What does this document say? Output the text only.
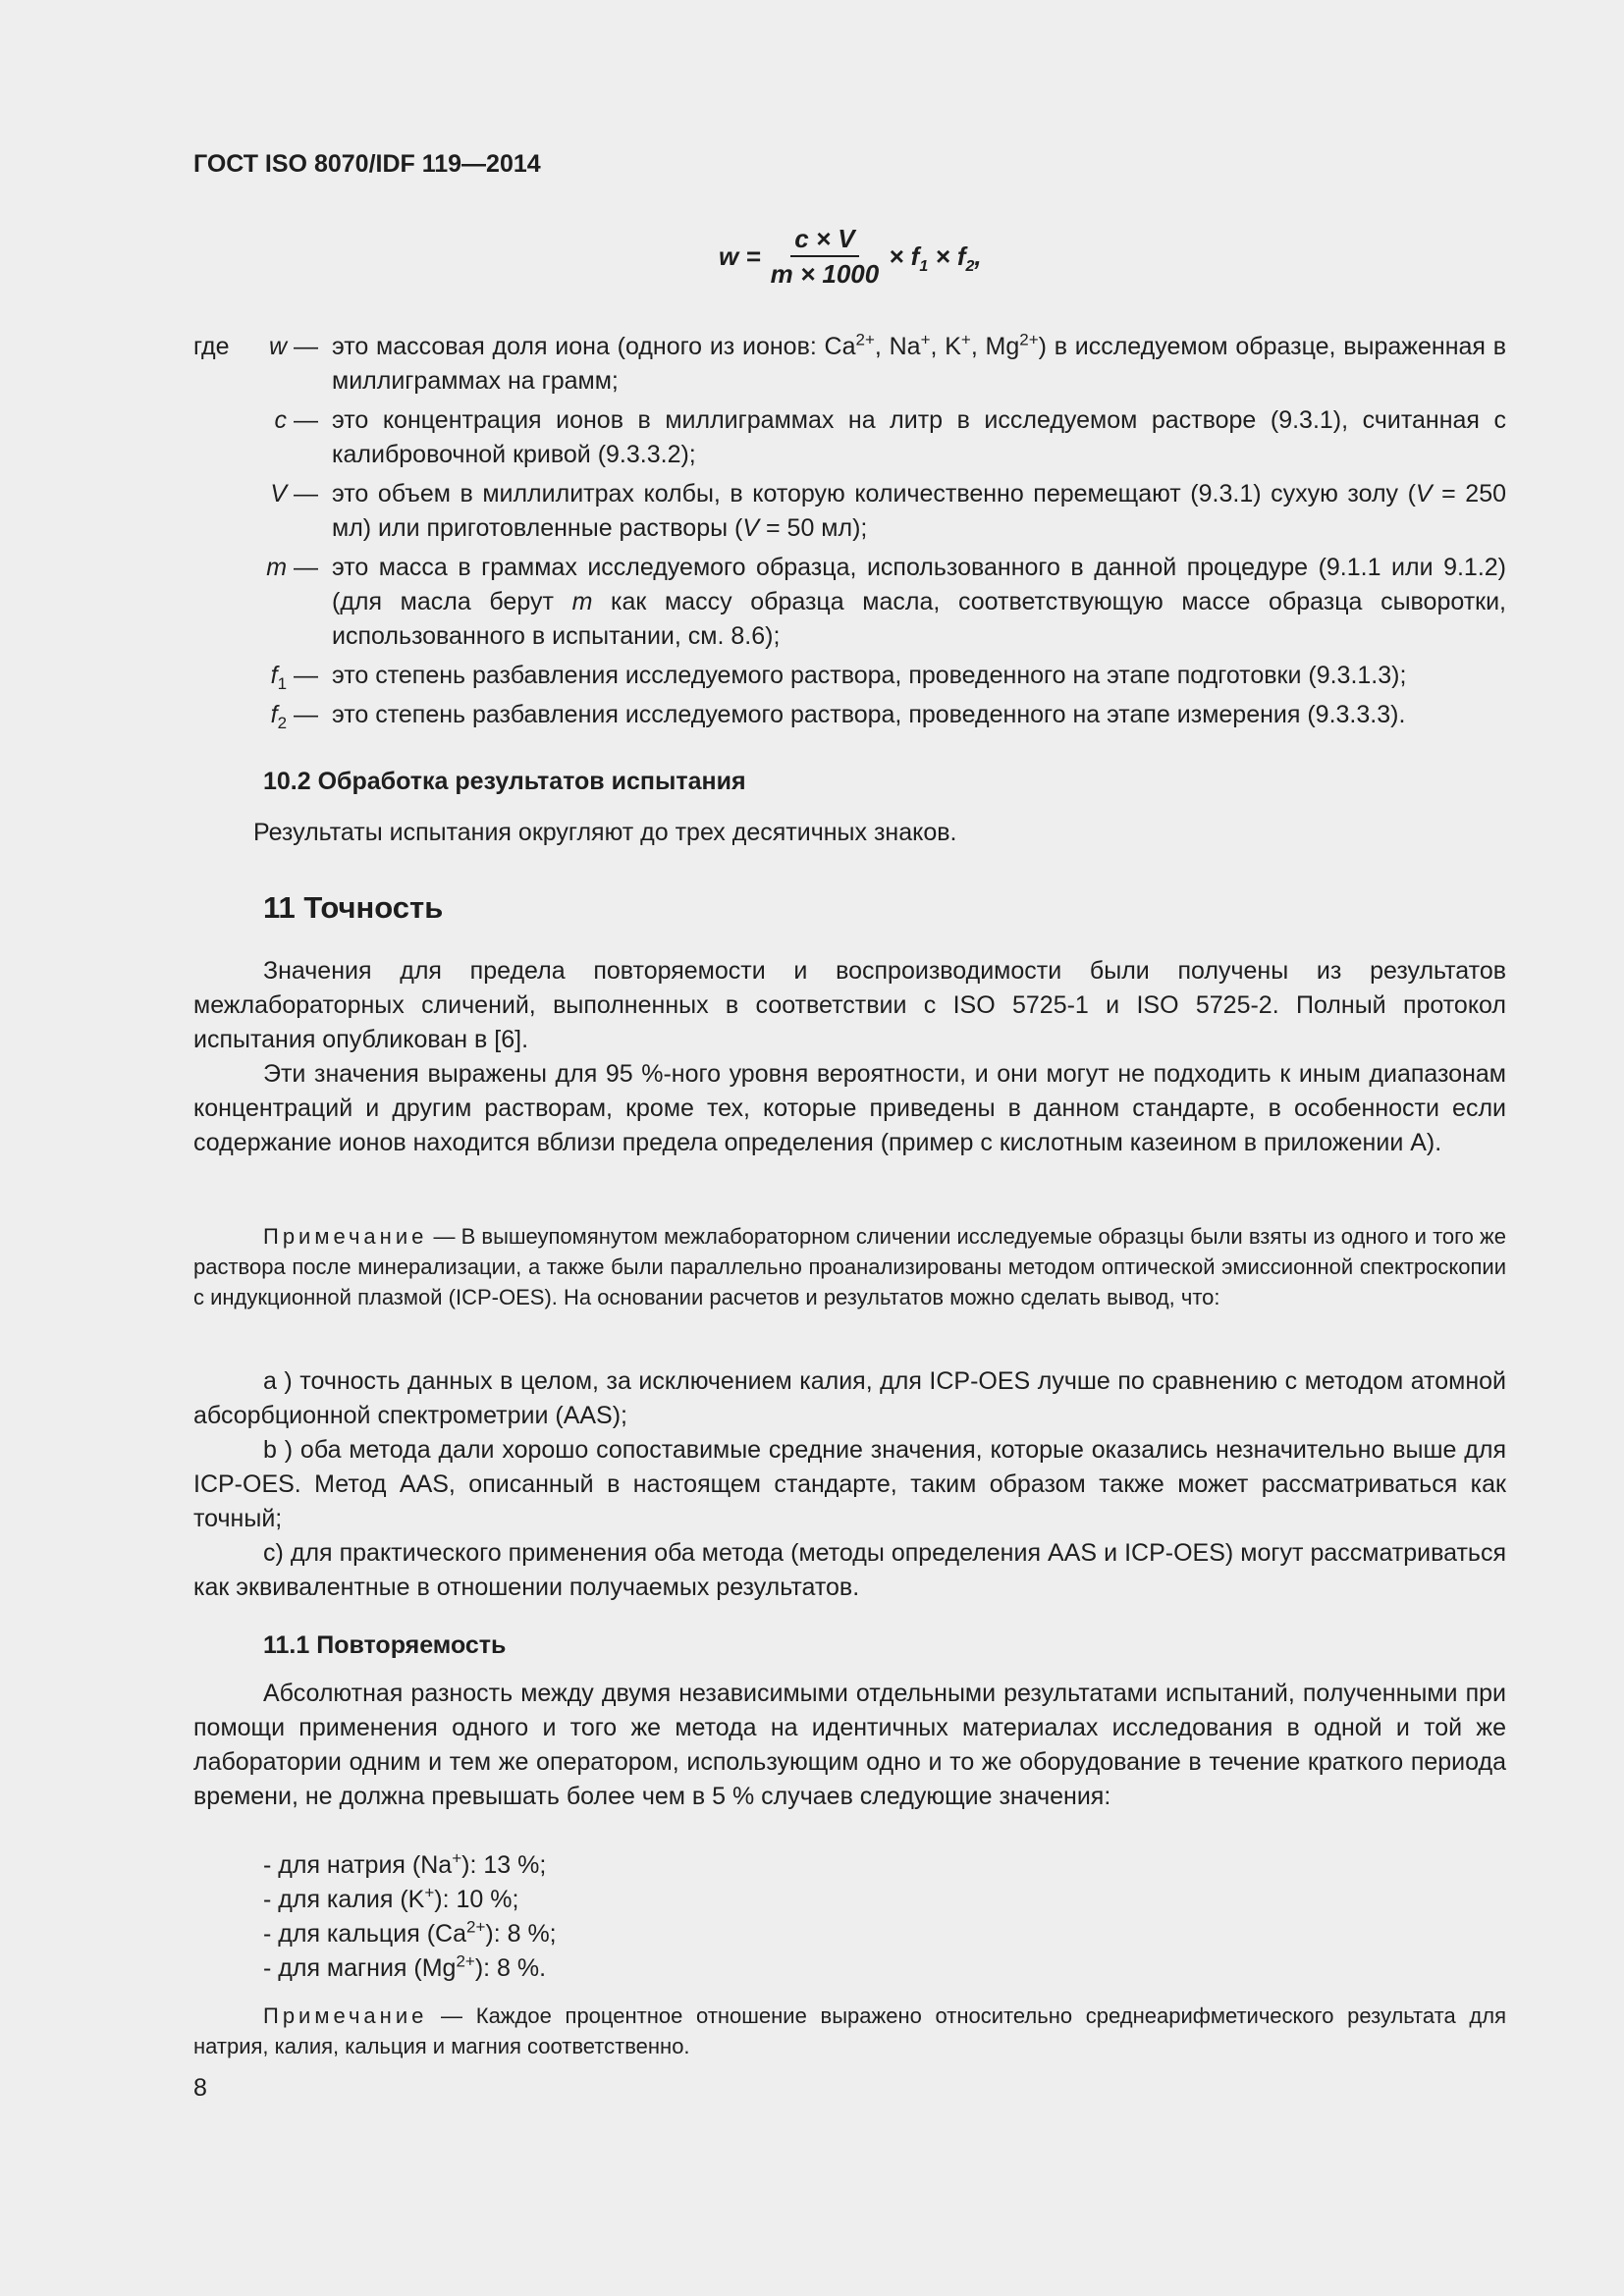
ГОСТ ISO 8070/IDF 119—2014
$w = \frac{c \times V}{m \times 1000} \times f_1 \times f_2$,
где w — это массовая доля иона (одного из ионов: $Ca^{2+}$, Na+, K+, $Mg^{2+}$) в исследуемом образце, выраженная в миллиграммах на грамм;
c — это концентрация ионов в миллиграммах на литр в исследуемом растворе (9.3.1), считанная с калибровочной кривой (9.3.3.2);
V — это объем в миллилитрах колбы, в которую количественно перемещают (9.3.1) сухую золу (V = 250 мл) или приготовленные растворы (V = 50 мл);
m — это масса в граммах исследуемого образца, использованного в данной процедуре (9.1.1 или 9.1.2) (для масла берут m как массу образца масла, соответствующую массе образца сыворотки, использованного в испытании, см. 8.6);
$f_1$ — это степень разбавления исследуемого раствора, проведенного на этапе подготовки (9.3.1.3);
$f_2$ — это степень разбавления исследуемого раствора, проведенного на этапе измерения (9.3.3.3).
10.2 Обработка результатов испытания
Результаты испытания округляют до трех десятичных знаков.
11 Точность
Значения для предела повторяемости и воспроизводимости были получены из результатов межлабораторных сличений, выполненных в соответствии с ISO 5725-1 и ISO 5725-2. Полный протокол испытания опубликован в [6].
Эти значения выражены для 95 %-ного уровня вероятности, и они могут не подходить к иным диапазонам концентраций и другим растворам, кроме тех, которые приведены в данном стандарте, в особенности если содержание ионов находится вблизи предела определения (пример с кислотным казеином в приложении А).
Примечание — В вышеупомянутом межлабораторном сличении исследуемые образцы были взяты из одного и того же раствора после минерализации, а также были параллельно проанализированы методом оптической эмиссионной спектроскопии с индукционной плазмой (ICP-OES). На основании расчетов и результатов можно сделать вывод, что:
а ) точность данных в целом, за исключением калия, для ICP-OES лучше по сравнению с методом атомной абсорбционной спектрометрии (AAS);
b ) оба метода дали хорошо сопоставимые средние значения, которые оказались незначительно выше для ICP-OES. Метод AAS, описанный в настоящем стандарте, таким образом также может рассматриваться как точный;
с) для практического применения оба метода (методы определения AAS и ICP-OES) могут рассматриваться как эквивалентные в отношении получаемых результатов.
11.1 Повторяемость
Абсолютная разность между двумя независимыми отдельными результатами испытаний, полученными при помощи применения одного и того же метода на идентичных материалах исследования в одной и той же лаборатории одним и тем же оператором, использующим одно и то же оборудование в течение краткого периода времени, не должна превышать более чем в 5 % случаев следующие значения:
- для натрия (Na+): 13 %;
- для калия (K+): 10 %;
- для кальция $(Ca^{2+})$: 8 %;
- для магния $(Mg^{2+})$: 8 %.
Примечание — Каждое процентное отношение выражено относительно среднеарифметического результата для натрия, калия, кальция и магния соответственно.
8
